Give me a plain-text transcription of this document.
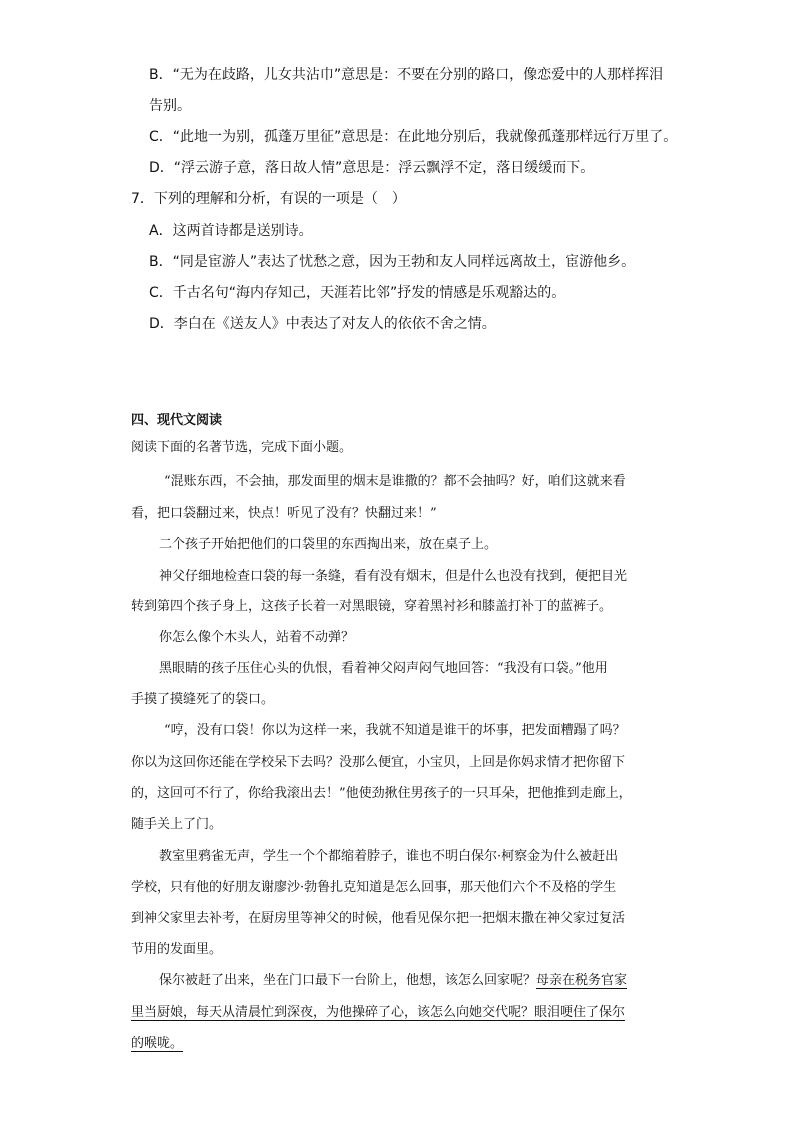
B．“无为在歧路，儿女共沾巾”意思是：不要在分别的路口，像恋爱中的人那样挥泪
告别。
C．“此地一为别，孤蓬万里征”意思是：在此地分别后，我就像孤蓬那样远行万里了。
D．“浮云游子意，落日故人情”意思是：浮云飘浮不定，落日缓缓而下。
7．下列的理解和分析，有误的一项是（　）
A．这两首诗都是送别诗。
B．“同是宦游人”表达了忧愁之意，因为王勃和友人同样远离故土，宦游他乡。
C．千古名句“海内存知己，天涯若比邻”抒发的情感是乐观豁达的。
D．李白在《送友人》中表达了对友人的依依不舍之情。
四、现代文阅读
阅读下面的名著节选，完成下面小题。
“混账东西，不会抽，那发面里的烟末是谁撒的？都不会抽吗？好，咱们这就来看
看，把口袋翻过来，快点！听见了没有？快翻过来！”
二个孩子开始把他们的口袋里的东西掏出来，放在桌子上。
神父仔细地检查口袋的每一条缝，看有没有烟末，但是什么也没有找到，便把目光
转到第四个孩子身上，这孩子长着一对黑眼镜，穿着黑衬衫和膝盖打补丁的蓝裤子。
你怎么像个木头人，站着不动弹？
黑眼睛的孩子压住心头的仇恨，看着神父闷声闷气地回答：“我没有口袋。”他用
手摸了摸缝死了的袋口。
“哼，没有口袋！你以为这样一来，我就不知道是谁干的坏事，把发面糟蹋了吗？
你以为这回你还能在学校呆下去吗？没那么便宜，小宝贝，上回是你妈求情才把你留下
的，这回可不行了，你给我滚出去！”他使劲揪住男孩子的一只耳朵，把他推到走廊上，
随手关上了门。
教室里鸦雀无声，学生一个个都缩着脖子，谁也不明白保尔·柯察金为什么被赶出
学校，只有他的好朋友谢廖沙·勃鲁扎克知道是怎么回事，那天他们六个不及格的学生
到神父家里去补考，在厨房里等神父的时候，他看见保尔把一把烟末撒在神父家过复活
节用的发面里。
保尔被赶了出来，坐在门口最下一台阶上，他想，该怎么回家呢？母亲在税务官家
里当厨娘，每天从清晨忙到深夜，为他操碎了心，该怎么向她交代呢？眼泪哽住了保尔
的喉咙。
